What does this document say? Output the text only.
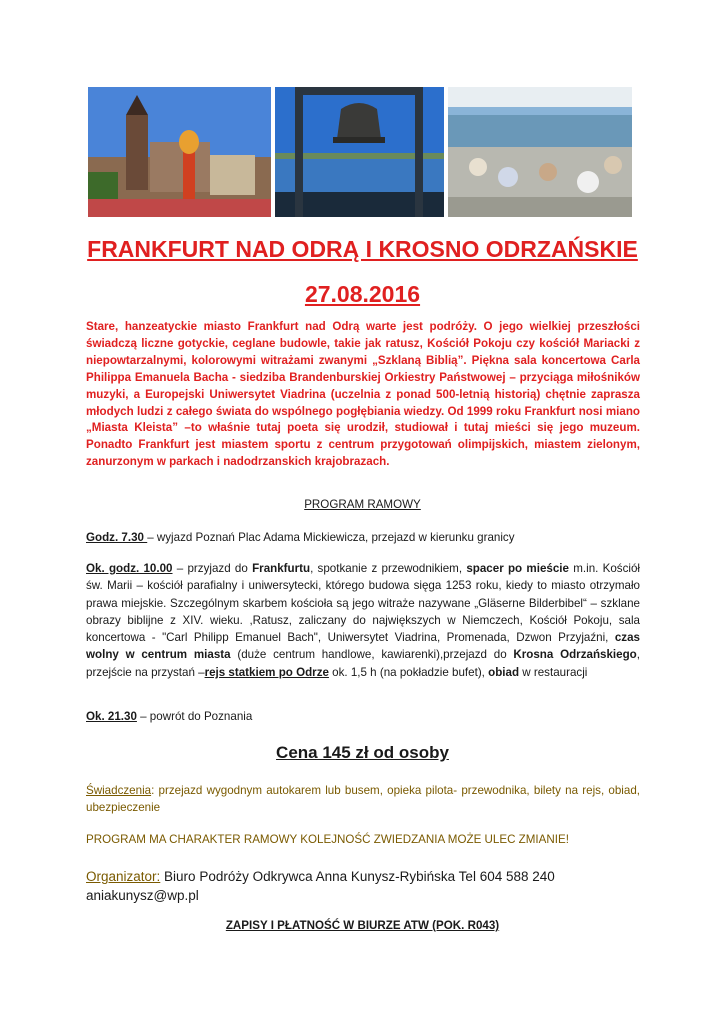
FRANKFURT NAD ODRĄ I KROSNO ODRZAŃSKIE
27.08.2016
Stare, hanzeatyckie miasto Frankfurt nad Odrą warte jest podróży. O jego wielkiej przeszłości świadczą liczne gotyckie, ceglane budowle, takie jak ratusz, Kościół Pokoju czy kościół Mariacki z niepowtarzalnymi, kolorowymi witrażami zwanymi „Szklaną Biblią”. Piękna sala koncertowa Carla Philippa Emanuela Bacha - siedziba Brandenburskiej Orkiestry Państwowej – przyciąga miłośników muzyki, a Europejski Uniwersytet Viadrina (uczelnia z ponad 500-letnią historią) chętnie zaprasza młodych ludzi z całego świata do wspólnego pogłębiania wiedzy. Od 1999 roku Frankfurt nosi miano „Miasta Kleista” –to właśnie tutaj poeta się urodził, studiował i tutaj mieści się jego muzeum. Ponadto Frankfurt jest miastem sportu z centrum przygotowań olimpijskich, miastem zielonym, zanurzonym w parkach i nadodrzanskich krajobrazach.
PROGRAM RAMOWY
Godz. 7.30 – wyjazd Poznań Plac Adama Mickiewicza, przejazd w kierunku granicy
Ok. godz. 10.00 – przyjazd do Frankfurtu, spotkanie z przewodnikiem, spacer po mieście m.in. Kościół św. Marii – kościół parafialny i uniwersytecki, którego budowa sięga 1253 roku, kiedy to miasto otrzymało prawa miejskie. Szczególnym skarbem kościoła są jego witraże nazywane „Gläserne Bilderbibel“ – szklane obrazy biblijne z XIV. wieku. ,Ratusz, zaliczany do największych w Niemczech, Kościół Pokoju, sala koncertowa - "Carl Philipp Emanuel Bach", Uniwersytet Viadrina, Promenada, Dzwon Przyjaźni, czas wolny w centrum miasta (duże centrum handlowe, kawiarenki),przejazd do Krosna Odrzańskiego, przejście na przystań –rejs statkiem po Odrze ok. 1,5 h (na pokładzie bufet), obiad w restauracji
Ok. 21.30 – powrót do Poznania
Cena 145 zł od osoby
Świadczenia: przejazd wygodnym autokarem lub busem, opieka pilota- przewodnika, bilety na rejs, obiad, ubezpieczenie
PROGRAM MA CHARAKTER RAMOWY KOLEJNOŚĆ ZWIEDZANIA MOŻE ULEC ZMIANIE!
Organizator: Biuro Podróży Odkrywca Anna Kunysz-Rybińska Tel 604 588 240
aniakunysz@wp.pl
ZAPISY I PŁATNOŚĆ W BIURZE ATW (POK. R043)
